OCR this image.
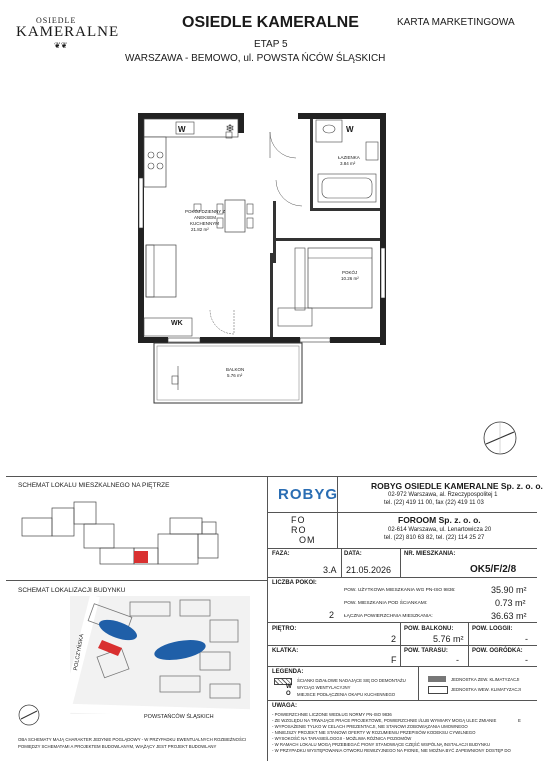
OSIEDLE
KAMERALNE
❦❦
OSIEDLE KAMERALNE	KARTA MARKETINGOWA
ETAP 5
WARSZAWA - BEMOWO, ul. POWSTA ŃCÓW ŚLĄSKICH
❄
W	W
POKÓJ DZIENNY Z
ANEKSEM
KUCHENNYM
21.82 m²
ŁAZIENKA
3.84 m²
POKÓJ
10.26 m²
BALKON
5.76 m²
WK
SCHEMAT LOKALU MIESZKALNEGO NA PIĘTRZE
SCHEMAT LOKALIZACJI BUDYNKU
POWSTAŃCÓW ŚLĄSKICH
POLCZYŃSKA
OBA SCHEMATY MAJĄ CHARAKTER JEDYNIE POGLĄDOWY - W PRZYPADKU EWENTUALNYCH ROZBIEŻNOŚCI
POMIĘDZY SCHEMATAMI A PROJEKTEM BUDOWLANYM, WIĄŻĄCY JEST PROJEKT BUDOWLANY
ROBYG	ROBYG OSIEDLE KAMERALNE Sp. z. o. o.
02-972 Warszawa, al. Rzeczypospolitej 1
tel. (22) 419 11 00, fax (22) 419 11 03
FO
RO
OM
FOROOM Sp. z. o. o.
02-614 Warszawa, ul. Lenartowicza 20
tel. (22) 810 63 82, tel. (22) 114 25 27
FAZA:
3.A
DATA:
21.05.2026
NR. MIESZKANIA:
OK5/F/2/8
LICZBA POKOI:
2
POW. UŻYTKOWA MIESZKANIA WG PN-ISO 9836:	35.90 m²
POW. MIESZKANIA POD ŚCIANKAMI:	0.73 m²
ŁĄCZNA POWIERZCHNIA MIESZKANIA:	36.63 m²
PIĘTRO:
2
POW. BALKONU:
5.76 m²
POW. LOGGII:
-
KLATKA:
F
POW. TARASU:
-
POW. OGRÓDKA:
-
LEGENDA:
ŚCIANKI DZIAŁOWE NADAJĄCE SIĘ DO DEMONTAŻU
W WYCIĄG WENTYLACYJNY
O MIEJSCE PODŁĄCZENIA OKAPU KUCHENNEGO
JEDNOSTKA ZEW. KLIMATYZACJI
JEDNOSTKA WEW. KLIMATYZACJI
UWAGA:
- POWIERZCHNIE LICZONE WEDŁUG NORMY PN-ISO 9836
- ZE WZGLĘDU NA TRWAJĄCE PRACE PROJEKTOWE, POWIERZCHNIE I/LUB WYMIARY MOGĄ ULEC ZMIANIE	E
- WYPOSAŻENIE TYLKO W CELACH PREZENTACJI, NIE STANOWI ZOBOWIĄZANIA UMOWNEGO
- NINIEJSZY PROJEKT NIE STANOWI OFERTY W ROZUMIENIU PRZEPISÓW KODEKSU CYWILNEGO
- WYSOKOŚĆ NA TARASIE/LOGGII - MOŻLIWA RÓŻNICA POZIOMÓW
- W RAMACH LOKALU MOGĄ PRZEBIEGAĆ PIONY STANOWIĄCE CZĘŚĆ WSPÓLNĄ INSTALACJI BUDYNKU
- W PRZYPADKU WYSTĘPOWANIA OTWORU REWIZYJNEGO NA PIONIE, NIE MOŻNA BYĆ ZAPEWNIONY DOSTĘP DO
